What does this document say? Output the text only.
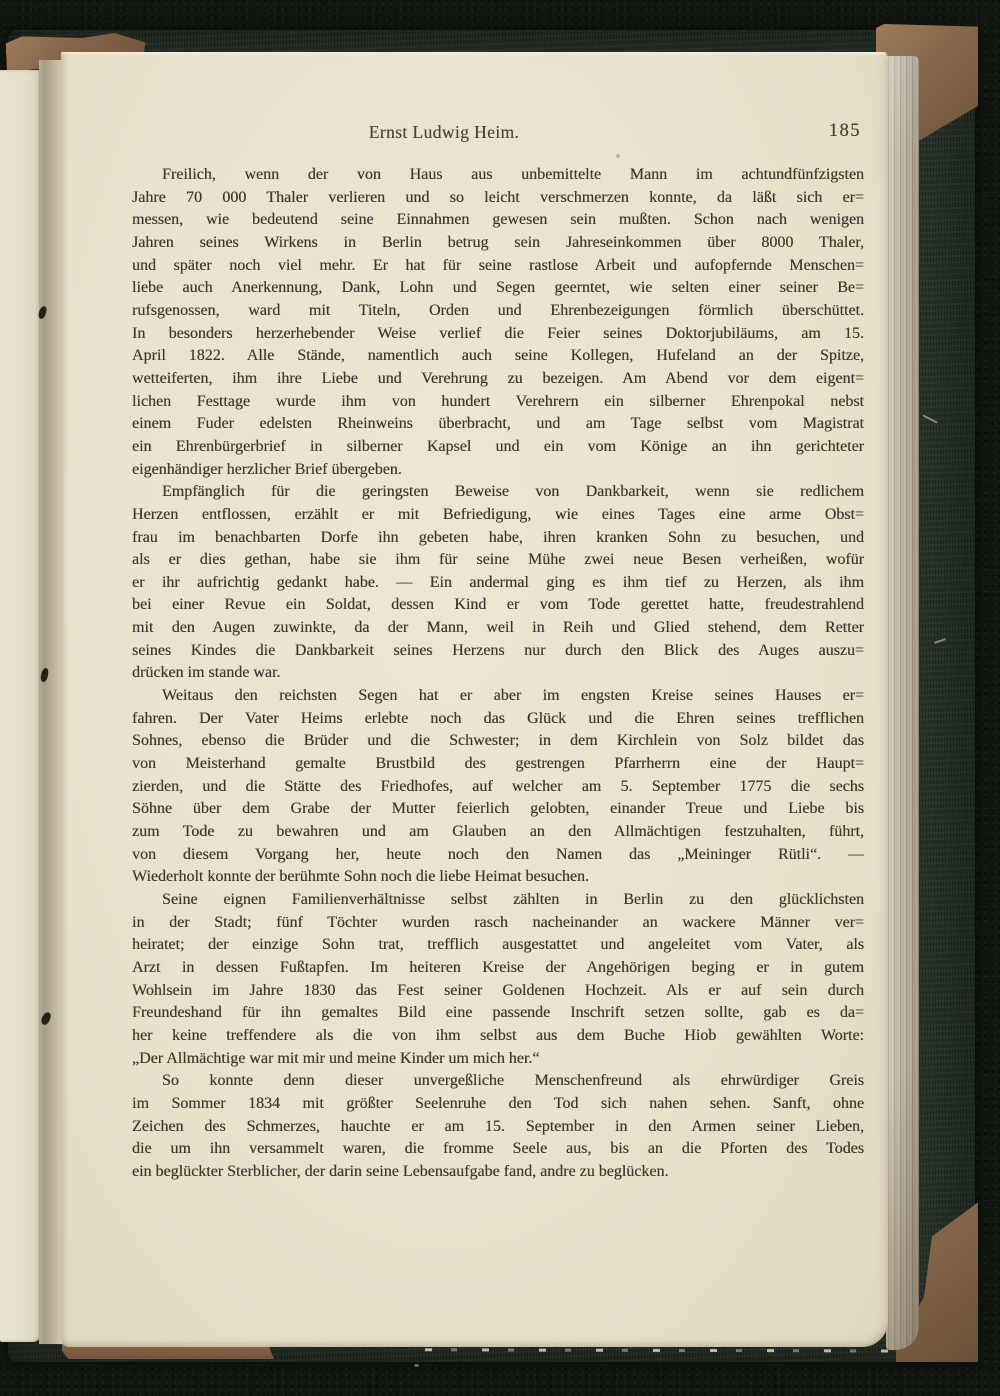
Ernst Ludwig Heim.	185
Freilich, wenn der von Haus aus unbemittelte Mann im achtundfünfzigsten
Jahre 70 000 Thaler verlieren und so leicht verschmerzen konnte, da läßt sich er=
messen, wie bedeutend seine Einnahmen gewesen sein mußten. Schon nach wenigen
Jahren seines Wirkens in Berlin betrug sein Jahreseinkommen über 8000 Thaler,
und später noch viel mehr. Er hat für seine rastlose Arbeit und aufopfernde Menschen=
liebe auch Anerkennung, Dank, Lohn und Segen geerntet, wie selten einer seiner Be=
rufsgenossen, ward mit Titeln, Orden und Ehrenbezeigungen förmlich überschüttet.
In besonders herzerhebender Weise verlief die Feier seines Doktorjubiläums, am 15.
April 1822. Alle Stände, namentlich auch seine Kollegen, Hufeland an der Spitze,
wetteiferten, ihm ihre Liebe und Verehrung zu bezeigen. Am Abend vor dem eigent=
lichen Festtage wurde ihm von hundert Verehrern ein silberner Ehrenpokal nebst
einem Fuder edelsten Rheinweins überbracht, und am Tage selbst vom Magistrat
ein Ehrenbürgerbrief in silberner Kapsel und ein vom Könige an ihn gerichteter
eigenhändiger herzlicher Brief übergeben.
Empfänglich für die geringsten Beweise von Dankbarkeit, wenn sie redlichem
Herzen entflossen, erzählt er mit Befriedigung, wie eines Tages eine arme Obst=
frau im benachbarten Dorfe ihn gebeten habe, ihren kranken Sohn zu besuchen, und
als er dies gethan, habe sie ihm für seine Mühe zwei neue Besen verheißen, wofür
er ihr aufrichtig gedankt habe. — Ein andermal ging es ihm tief zu Herzen, als ihm
bei einer Revue ein Soldat, dessen Kind er vom Tode gerettet hatte, freudestrahlend
mit den Augen zuwinkte, da der Mann, weil in Reih und Glied stehend, dem Retter
seines Kindes die Dankbarkeit seines Herzens nur durch den Blick des Auges auszu=
drücken im stande war.
Weitaus den reichsten Segen hat er aber im engsten Kreise seines Hauses er=
fahren. Der Vater Heims erlebte noch das Glück und die Ehren seines trefflichen
Sohnes, ebenso die Brüder und die Schwester; in dem Kirchlein von Solz bildet das
von Meisterhand gemalte Brustbild des gestrengen Pfarrherrn eine der Haupt=
zierden, und die Stätte des Friedhofes, auf welcher am 5. September 1775 die sechs
Söhne über dem Grabe der Mutter feierlich gelobten, einander Treue und Liebe bis
zum Tode zu bewahren und am Glauben an den Allmächtigen festzuhalten, führt,
von diesem Vorgang her, heute noch den Namen das „Meininger Rütli“. —
Wiederholt konnte der berühmte Sohn noch die liebe Heimat besuchen.
Seine eignen Familienverhältnisse selbst zählten in Berlin zu den glücklichsten
in der Stadt; fünf Töchter wurden rasch nacheinander an wackere Männer ver=
heiratet; der einzige Sohn trat, trefflich ausgestattet und angeleitet vom Vater, als
Arzt in dessen Fußtapfen. Im heiteren Kreise der Angehörigen beging er in gutem
Wohlsein im Jahre 1830 das Fest seiner Goldenen Hochzeit. Als er auf sein durch
Freundeshand für ihn gemaltes Bild eine passende Inschrift setzen sollte, gab es da=
her keine treffendere als die von ihm selbst aus dem Buche Hiob gewählten Worte:
„Der Allmächtige war mit mir und meine Kinder um mich her.“
So konnte denn dieser unvergeßliche Menschenfreund als ehrwürdiger Greis
im Sommer 1834 mit größter Seelenruhe den Tod sich nahen sehen. Sanft, ohne
Zeichen des Schmerzes, hauchte er am 15. September in den Armen seiner Lieben,
die um ihn versammelt waren, die fromme Seele aus, bis an die Pforten des Todes
ein beglückter Sterblicher, der darin seine Lebensaufgabe fand, andre zu beglücken.
